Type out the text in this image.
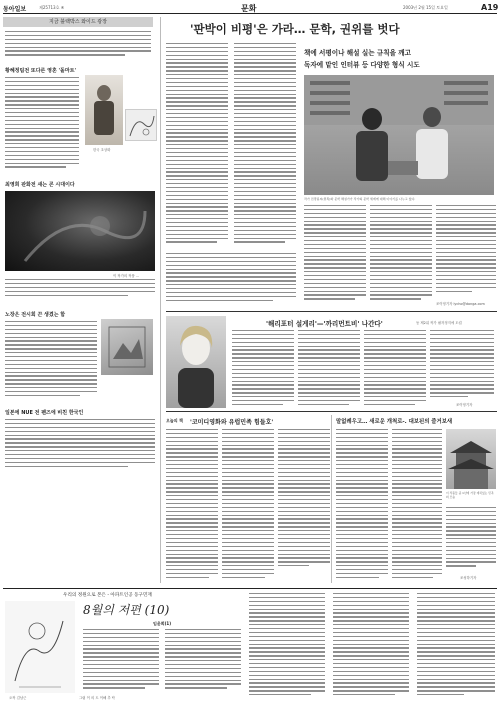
동아일보	제25713호 ④	문화	2003년 2월 15일 토요일	A19
지금 블랙박스 와이드 광장
황혜정팀전 또다른 영혼 '돌마트'
한국 초상화
최영희 판화전 새는 콘 시대이다
이 작가의 작품 ...
노장은 전시회 끈 생겼는 함
일본에 NUE 전 펜즈에 비친 한국인
'판박이 비평'은 가라… 문학, 권위를 벗다
책에 서평이나 해설 실는 규칙을 깨고
독자에 맡인 인터뷰 등 다양한 형식 시도
작가 전경린씨(왼쪽)와 문학 해설가가 작가의 문학 세계에 대해 이야기를 나누고 있다.
조이영기자 lycho@donga.com
'해리포터 설게리'—'까리먼트비' 나간다'	동 제2위 작가 필자정지에 도렵
조이영기자
오늘의 책 '코미디영화와 유럽민족 힘들호'	말없례우고… 새로운 개척로-. 대보된의 즐거보새
이 작품들 중 1년에 가장 재치있는 민족의 모습
조성하기자
우리의 정원으로 본은 - 아파트인공 동구민재
8월의 저편 (10)
임윤희(1)
오작 김남근	그림 이 의 도 이해 추 탁
